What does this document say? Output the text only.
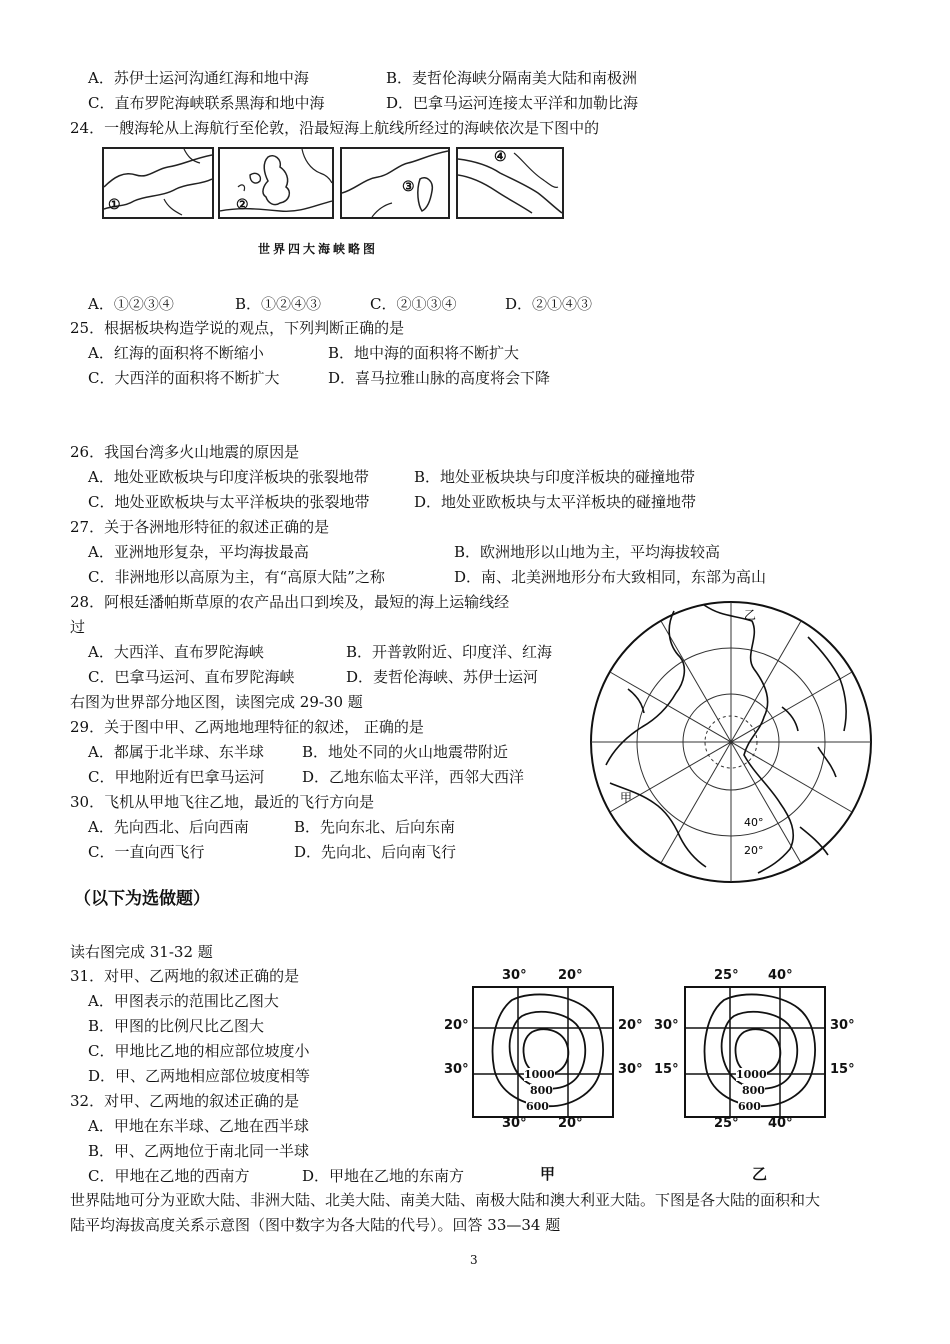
A．苏伊士运河沟通红海和地中海	B．麦哲伦海峡分隔南美大陆和南极洲
C．直布罗陀海峡联系黑海和地中海	D．巴拿马运河连接太平洋和加勒比海
24．一艘海轮从上海航行至伦敦，沿最短海上航线所经过的海峡依次是下图中的
①	②
③
④
世界四大海峡略图
A．①②③④	B．①②④③	C．②①③④	D．②①④③
25．根据板块构造学说的观点，下列判断正确的是
A．红海的面积将不断缩小	B．地中海的面积将不断扩大
C．大西洋的面积将不断扩大	D．喜马拉雅山脉的高度将会下降
26．我国台湾多火山地震的原因是
A．地处亚欧板块与印度洋板块的张裂地带	B．地处亚板块块与印度洋板块的碰撞地带
C．地处亚欧板块与太平洋板块的张裂地带	D．地处亚欧板块与太平洋板块的碰撞地带
27．关于各洲地形特征的叙述正确的是
A．亚洲地形复杂，平均海拔最高	B．欧洲地形以山地为主，平均海拔较高
C．非洲地形以高原为主，有“高原大陆”之称	D．南、北美洲地形分布大致相同，东部为高山
28．阿根廷潘帕斯草原的农产品出口到埃及，最短的海上运输线经
过
A．大西洋、直布罗陀海峡	B．开普敦附近、印度洋、红海
C．巴拿马运河、直布罗陀海峡	D．麦哲伦海峡、苏伊士运河
右图为世界部分地区图，读图完成 29-30 题
29．关于图中甲、乙两地地理特征的叙述， 正确的是
A．都属于北半球、东半球	B．地处不同的火山地震带附近
C．甲地附近有巴拿马运河	D．乙地东临太平洋，西邻大西洋
30．飞机从甲地飞往乙地，最近的飞行方向是
A．先向西北、后向西南	B．先向东北、后向东南
C．一直向西飞行	D．先向北、后向南飞行
乙
甲
40°
20°
（以下为选做题）
读右图完成 31-32 题
31．对甲、乙两地的叙述正确的是
A．甲图表示的范围比乙图大
B．甲图的比例尺比乙图大
C．甲地比乙地的相应部位坡度小
D．甲、乙两地相应部位坡度相等
32．对甲、乙两地的叙述正确的是
A．甲地在东半球、乙地在西半球
B．甲、乙两地位于南北同一半球
C．甲地在乙地的西南方	D．甲地在乙地的东南方
30° 20°
20°
30°
20°
30°
30° 20°
1000
800
600
甲
25° 40°
30°
15°
30°
15°
25° 40°
1000
800
600
乙
世界陆地可分为亚欧大陆、非洲大陆、北美大陆、南美大陆、南极大陆和澳大利亚大陆。下图是各大陆的面积和大
陆平均海拔高度关系示意图（图中数字为各大陆的代号）。回答 33—34 题
3
